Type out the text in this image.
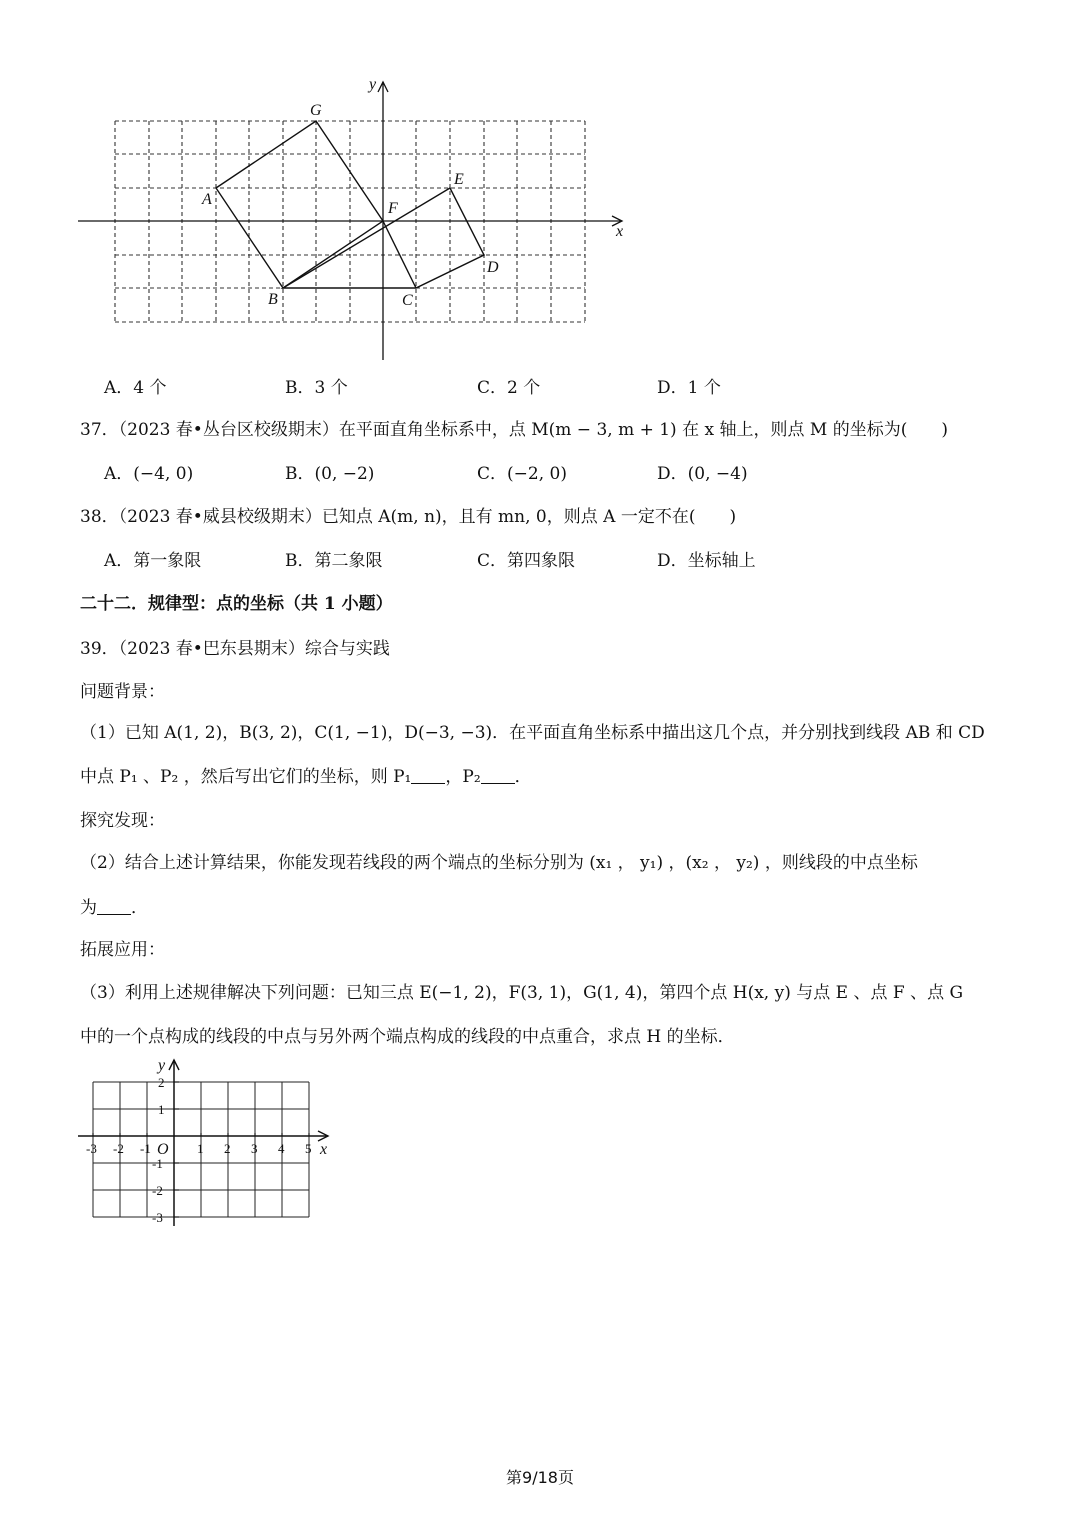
y
x
G
A
F
E
D
B	C
A．4 个	B．3 个	C．2 个	D．1 个
37．（2023 春•丛台区校级期末）在平面直角坐标系中，点 M(m − 3, m + 1) 在 x 轴上，则点 M 的坐标为(　　)
A．(−4, 0)	B．(0, −2)	C．(−2, 0)	D．(0, −4)
38．（2023 春•威县校级期末）已知点 A(m, n)，且有 mn, 0，则点 A 一定不在(　　)
A．第一象限	B．第二象限	C．第四象限	D．坐标轴上
二十二．规律型：点的坐标（共 1 小题）
39．（2023 春•巴东县期末）综合与实践
问题背景：
（1）已知 A(1, 2)，B(3, 2)，C(1, −1)，D(−3, −3)．在平面直角坐标系中描出这几个点，并分别找到线段 AB 和 CD
中点 P₁ 、P₂ ，然后写出它们的坐标，则 P₁ ，P₂ ．
探究发现：
（2）结合上述计算结果，你能发现若线段的两个端点的坐标分别为 (x₁ ， y₁) ，(x₂ ， y₂) ，则线段的中点坐标
为 ．
拓展应用：
（3）利用上述规律解决下列问题：已知三点 E(−1, 2)，F(3, 1)，G(1, 4)，第四个点 H(x, y) 与点 E 、点 F 、点 G
中的一个点构成的线段的中点与另外两个端点构成的线段的中点重合，求点 H 的坐标．
y
x
O
-3 -2 -1	1 2 3 4 5
2
1
-1
-2
-3
第9/18页
